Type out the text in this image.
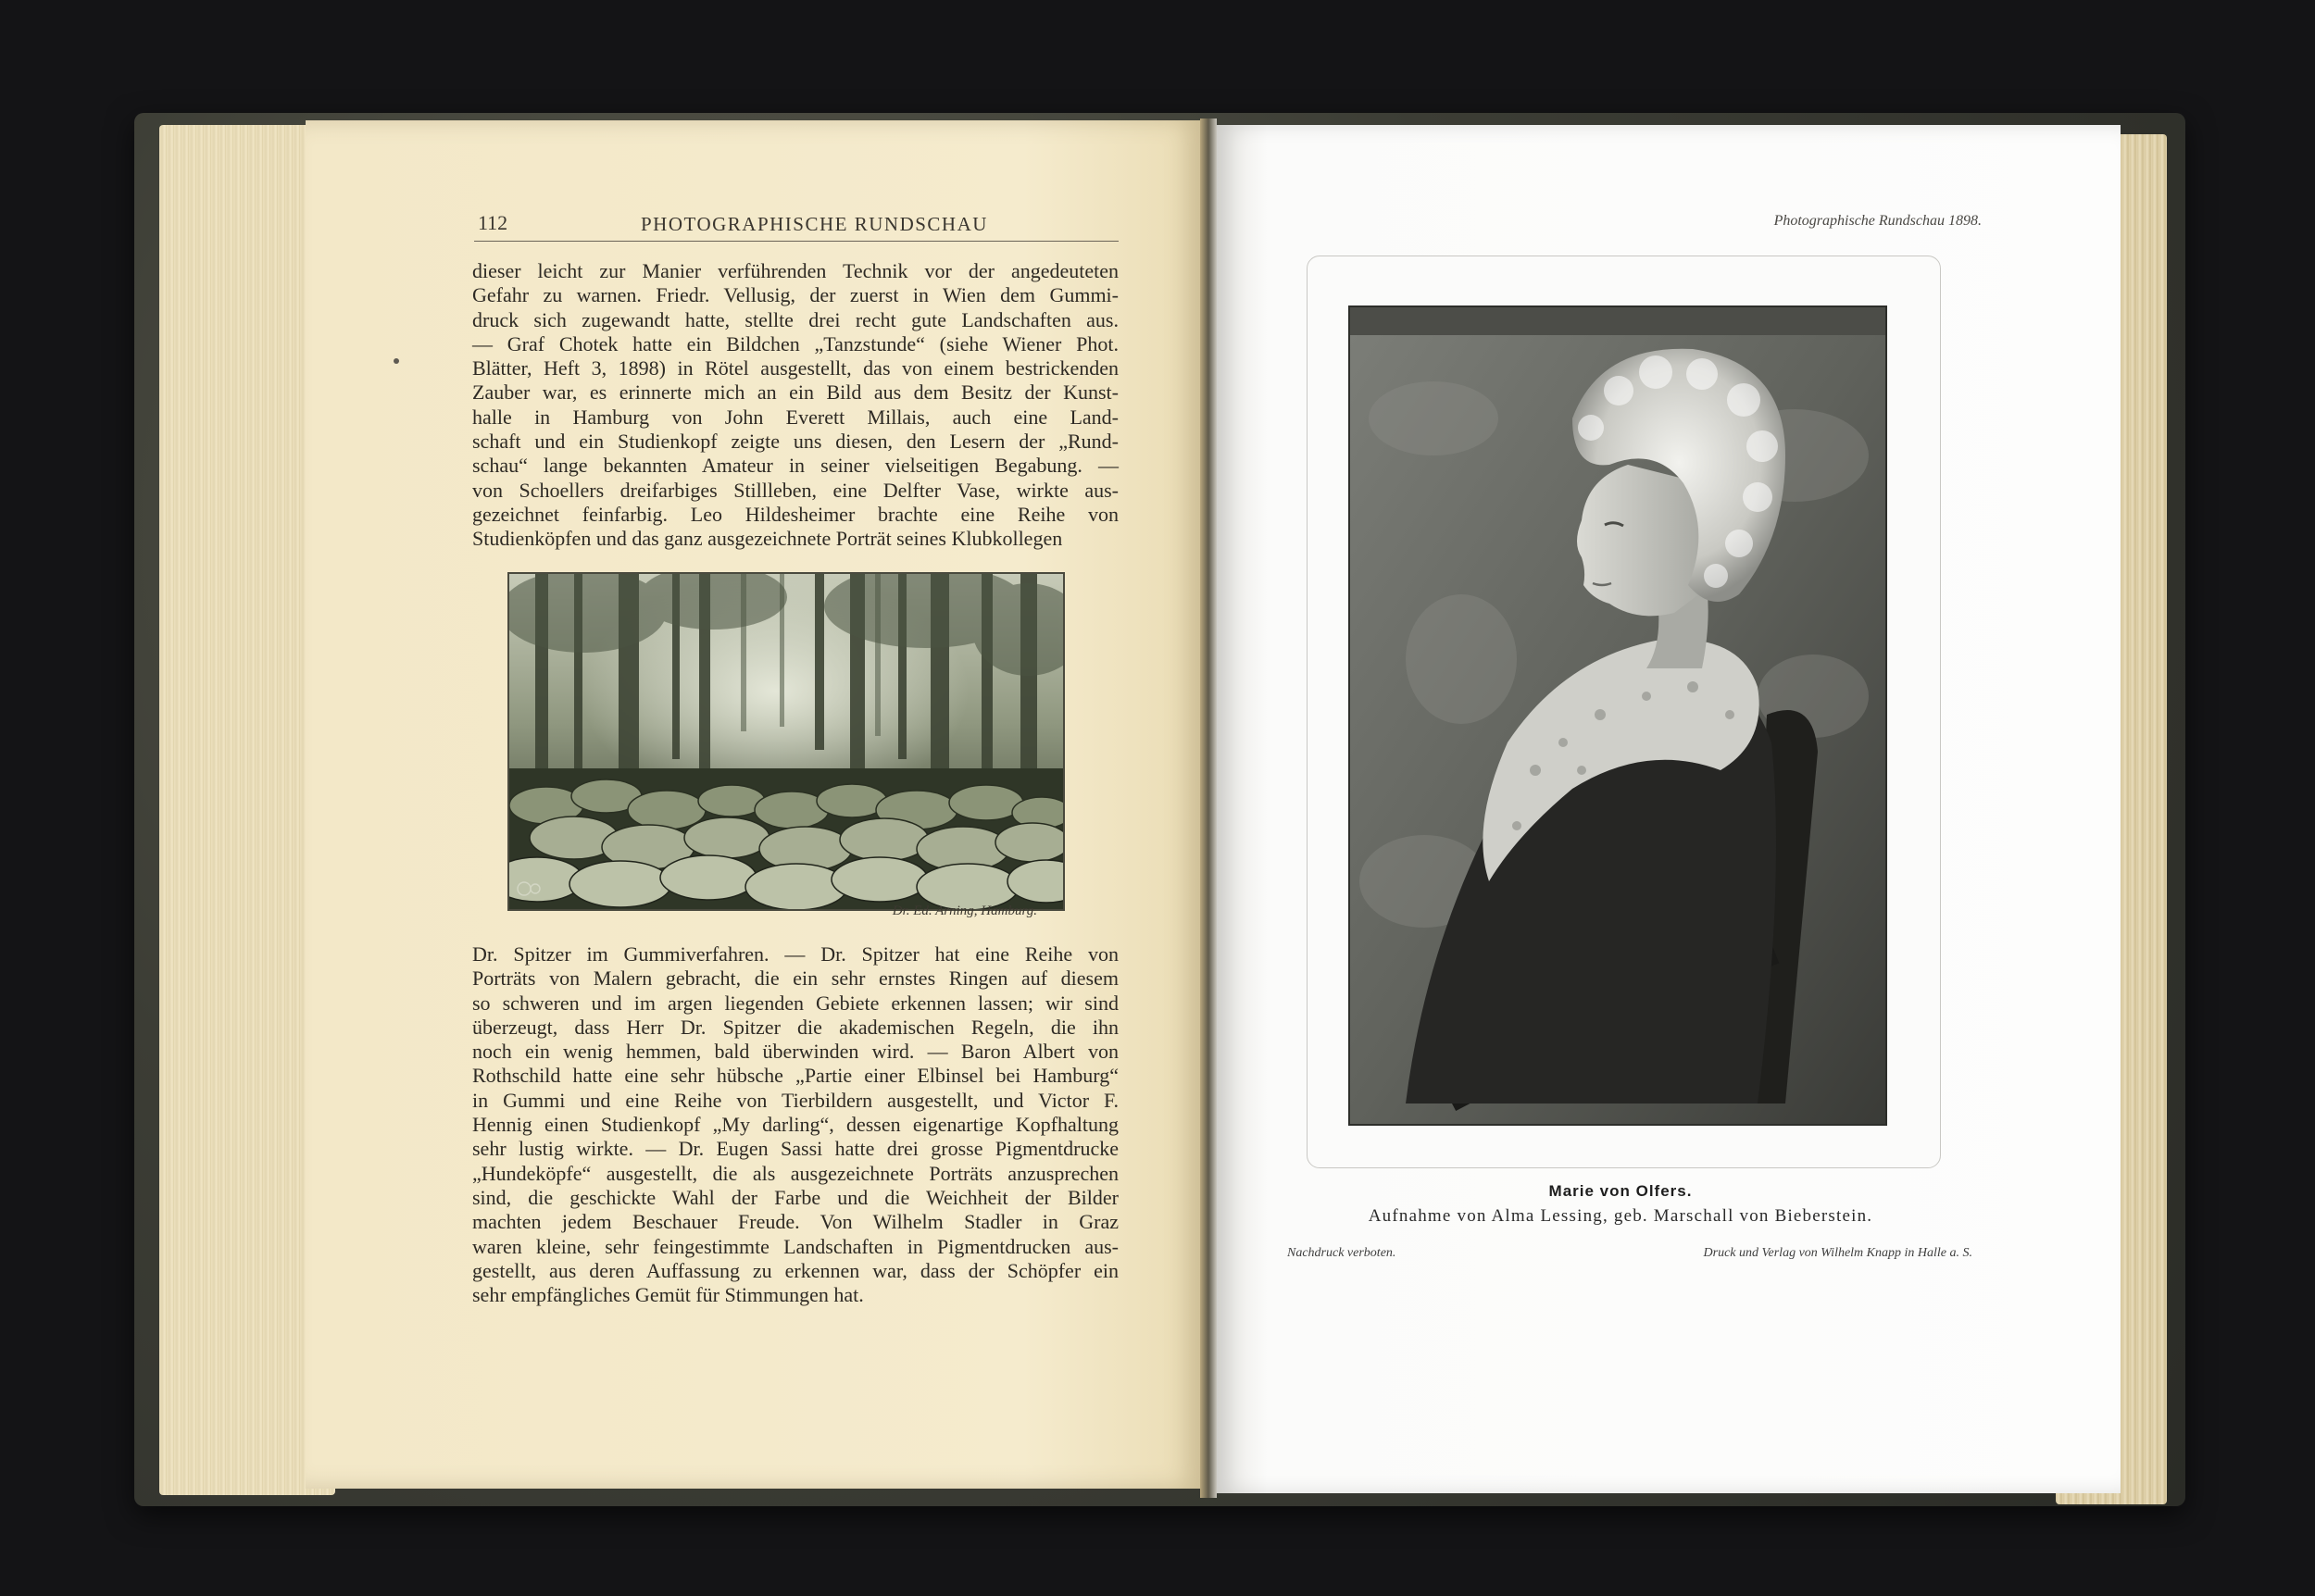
112	PHOTOGRAPHISCHE RUNDSCHAU
dieser leicht zur Manier verführenden Technik vor der angedeuteten
Gefahr zu warnen. Friedr. Vellusig, der zuerst in Wien dem Gummi-
druck sich zugewandt hatte, stellte drei recht gute Landschaften aus.
— Graf Chotek hatte ein Bildchen „Tanzstunde“ (siehe Wiener Phot.
Blätter, Heft 3, 1898) in Rötel ausgestellt, das von einem bestrickenden
Zauber war, es erinnerte mich an ein Bild aus dem Besitz der Kunst-
halle in Hamburg von John Everett Millais, auch eine Land-
schaft und ein Studienkopf zeigte uns diesen, den Lesern der „Rund-
schau“ lange bekannten Amateur in seiner vielseitigen Begabung. —
von Schoellers dreifarbiges Stillleben, eine Delfter Vase, wirkte aus-
gezeichnet feinfarbig. Leo Hildesheimer brachte eine Reihe von
Studienköpfen und das ganz ausgezeichnete Porträt seines Klubkollegen
Dr. Ed. Arning, Hamburg.
Dr. Spitzer im Gummiverfahren. — Dr. Spitzer hat eine Reihe von
Porträts von Malern gebracht, die ein sehr ernstes Ringen auf diesem
so schweren und im argen liegenden Gebiete erkennen lassen; wir sind
überzeugt, dass Herr Dr. Spitzer die akademischen Regeln, die ihn
noch ein wenig hemmen, bald überwinden wird. — Baron Albert von
Rothschild hatte eine sehr hübsche „Partie einer Elbinsel bei Hamburg“
in Gummi und eine Reihe von Tierbildern ausgestellt, und Victor F.
Hennig einen Studienkopf „My darling“, dessen eigenartige Kopfhaltung
sehr lustig wirkte. — Dr. Eugen Sassi hatte drei grosse Pigmentdrucke
„Hundeköpfe“ ausgestellt, die als ausgezeichnete Porträts anzusprechen
sind, die geschickte Wahl der Farbe und die Weichheit der Bilder
machten jedem Beschauer Freude. Von Wilhelm Stadler in Graz
waren kleine, sehr feingestimmte Landschaften in Pigmentdrucken aus-
gestellt, aus deren Auffassung zu erkennen war, dass der Schöpfer ein
sehr empfängliches Gemüt für Stimmungen hat.
Photographische Rundschau 1898.
Marie von Olfers.
Aufnahme von Alma Lessing, geb. Marschall von Bieberstein.
Nachdruck verboten.	Druck und Verlag von Wilhelm Knapp in Halle a. S.
